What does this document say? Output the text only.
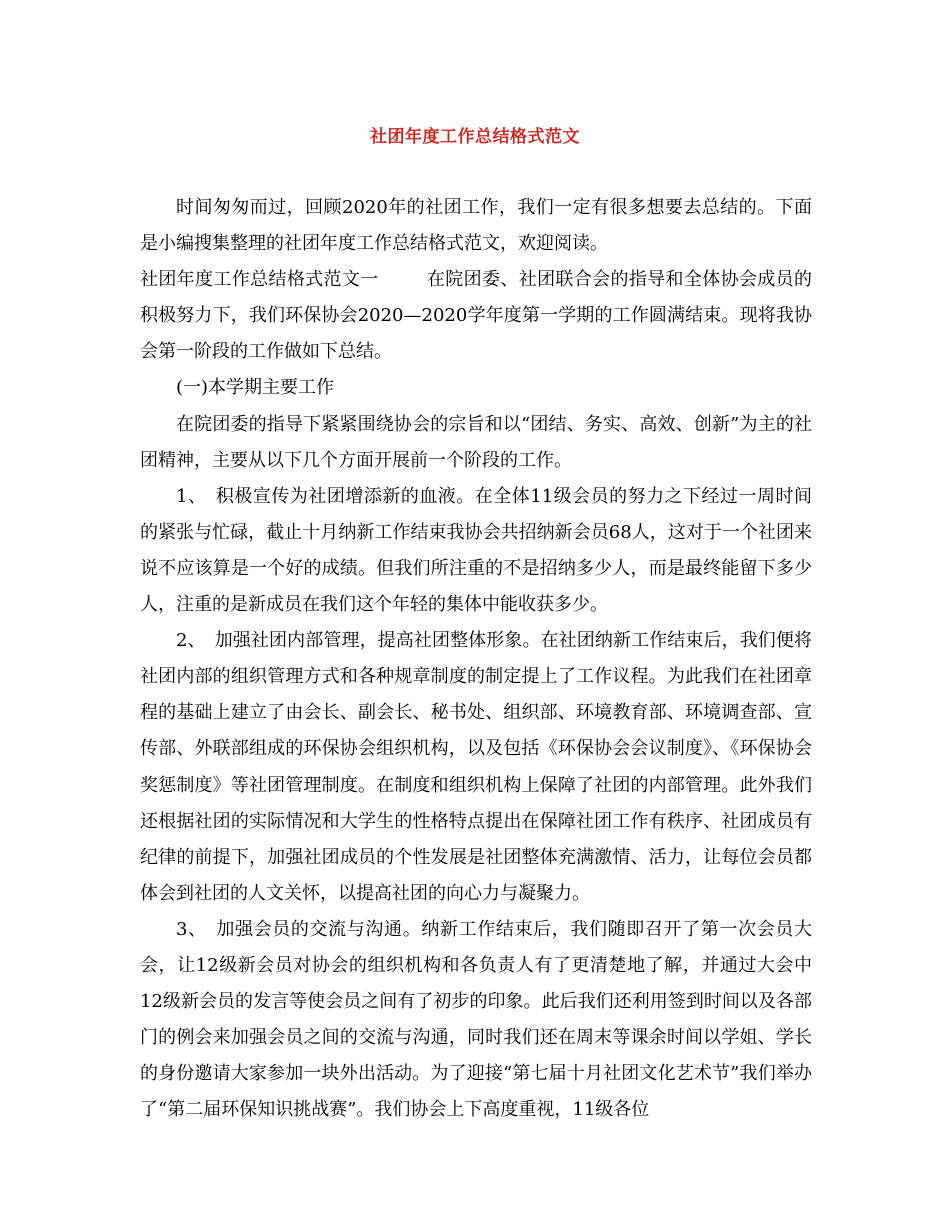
社团年度工作总结格式范文

时间匆匆而过，回顾2020年的社团工作，我们一定有很多想要去总结的。下面是小编搜集整理的社团年度工作总结格式范文，欢迎阅读。

社团年度工作总结格式范文一	在院团委、社团联合会的指导和全体协会成员的积极努力下，我们环保协会2020—2020学年度第一学期的工作圆满结束。现将我协会第一阶段的工作做如下总结。

(一)本学期主要工作

在院团委的指导下紧紧围绕协会的宗旨和以“团结、务实、高效、创新”为主的社团精神，主要从以下几个方面开展前一个阶段的工作。

1、　积极宣传为社团增添新的血液。在全体11级会员的努力之下经过一周时间的紧张与忙碌，截止十月纳新工作结束我协会共招纳新会员68人，这对于一个社团来说不应该算是一个好的成绩。但我们所注重的不是招纳多少人，而是最终能留下多少人，注重的是新成员在我们这个年轻的集体中能收获多少。

2、　加强社团内部管理，提高社团整体形象。在社团纳新工作结束后，我们便将社团内部的组织管理方式和各种规章制度的制定提上了工作议程。为此我们在社团章程的基础上建立了由会长、副会长、秘书处、组织部、环境教育部、环境调查部、宣传部、外联部组成的环保协会组织机构，以及包括《环保协会会议制度》、《环保协会奖惩制度》等社团管理制度。在制度和组织机构上保障了社团的内部管理。此外我们还根据社团的实际情况和大学生的性格特点提出在保障社团工作有秩序、社团成员有纪律的前提下，加强社团成员的个性发展是社团整体充满激情、活力，让每位会员都体会到社团的人文关怀，以提高社团的向心力与凝聚力。

3、　加强会员的交流与沟通。纳新工作结束后，我们随即召开了第一次会员大会，让12级新会员对协会的组织机构和各负责人有了更清楚地了解，并通过大会中12级新会员的发言等使会员之间有了初步的印象。此后我们还利用签到时间以及各部门的例会来加强会员之间的交流与沟通，同时我们还在周末等课余时间以学姐、学长的身份邀请大家参加一块外出活动。为了迎接“第七届十月社团文化艺术节”我们举办了“第二届环保知识挑战赛”。我们协会上下高度重视，11级各位
